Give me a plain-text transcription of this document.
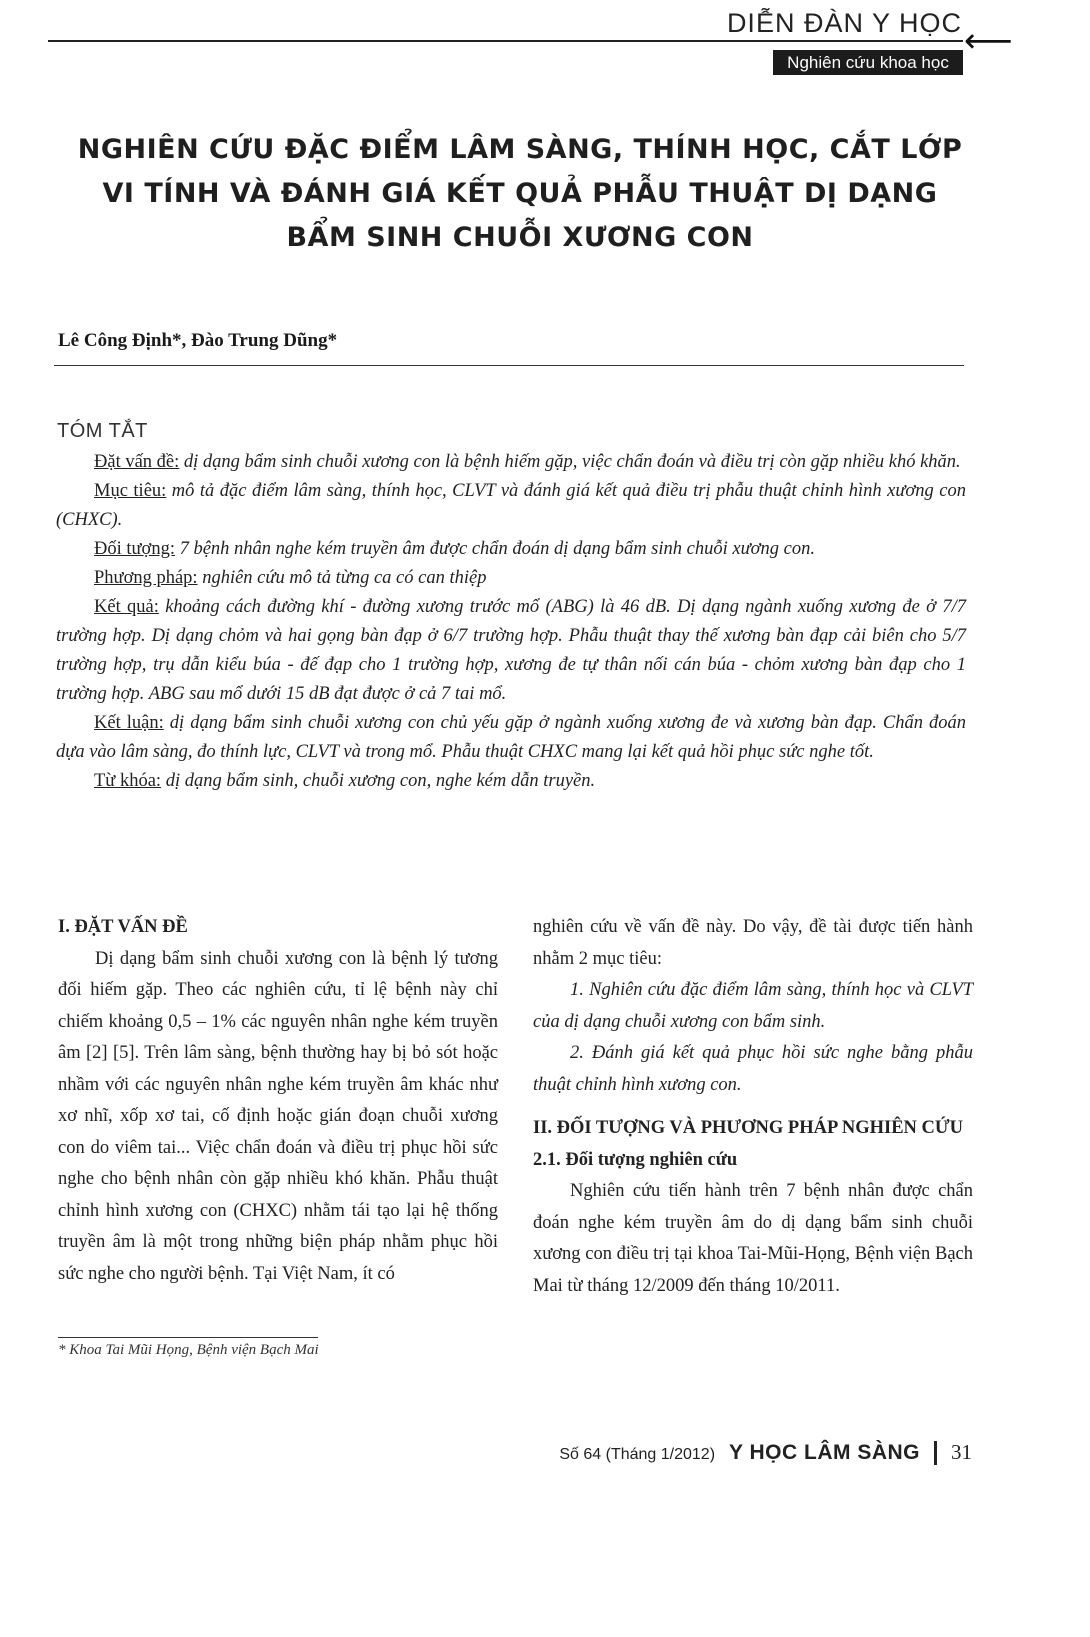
DIỄN ĐÀN Y HỌC
Nghiên cứu khoa học
⟵
NGHIÊN CỨU ĐẶC ĐIỂM LÂM SÀNG, THÍNH HỌC, CẮT LỚP
VI TÍNH VÀ ĐÁNH GIÁ KẾT QUẢ PHẪU THUẬT DỊ DẠNG
BẨM SINH CHUỖI XƯƠNG CON
Lê Công Định*, Đào Trung Dũng*
TÓM TẮT

Đặt vấn đề: dị dạng bẩm sinh chuỗi xương con là bệnh hiếm gặp, việc chẩn đoán và điều trị còn gặp nhiều khó khăn.

Mục tiêu: mô tả đặc điểm lâm sàng, thính học, CLVT và đánh giá kết quả điều trị phẫu thuật chỉnh hình xương con (CHXC).

Đối tượng: 7 bệnh nhân nghe kém truyền âm được chẩn đoán dị dạng bẩm sinh chuỗi xương con.

Phương pháp: nghiên cứu mô tả từng ca có can thiệp

Kết quả: khoảng cách đường khí - đường xương trước mổ (ABG) là 46 dB. Dị dạng ngành xuống xương đe ở 7/7 trường hợp. Dị dạng chỏm và hai gọng bàn đạp ở 6/7 trường hợp. Phẫu thuật thay thế xương bàn đạp cải biên cho 5/7 trường hợp, trụ dẫn kiểu búa - đế đạp cho 1 trường hợp, xương đe tự thân nối cán búa - chỏm xương bàn đạp cho 1 trường hợp. ABG sau mổ dưới 15 dB đạt được ở cả 7 tai mổ.

Kết luận: dị dạng bẩm sinh chuỗi xương con chủ yếu gặp ở ngành xuống xương đe và xương bàn đạp. Chẩn đoán dựa vào lâm sàng, đo thính lực, CLVT và trong mổ. Phẫu thuật CHXC mang lại kết quả hồi phục sức nghe tốt.

Từ khóa: dị dạng bẩm sinh, chuỗi xương con, nghe kém dẫn truyền.

I. ĐẶT VẤN ĐỀ

Dị dạng bẩm sinh chuỗi xương con là bệnh lý tương đối hiếm gặp. Theo các nghiên cứu, tỉ lệ bệnh này chỉ chiếm khoảng 0,5 – 1% các nguyên nhân nghe kém truyền âm [2] [5]. Trên lâm sàng, bệnh thường hay bị bỏ sót hoặc nhầm với các nguyên nhân nghe kém truyền âm khác như xơ nhĩ, xốp xơ tai, cố định hoặc gián đoạn chuỗi xương con do viêm tai... Việc chẩn đoán và điều trị phục hồi sức nghe cho bệnh nhân còn gặp nhiều khó khăn. Phẫu thuật chỉnh hình xương con (CHXC) nhằm tái tạo lại hệ thống truyền âm là một trong những biện pháp nhằm phục hồi sức nghe cho người bệnh. Tại Việt Nam, ít có

* Khoa Tai Mũi Họng, Bệnh viện Bạch Mai

nghiên cứu về vấn đề này. Do vậy, đề tài được tiến hành nhằm 2 mục tiêu:

1. Nghiên cứu đặc điểm lâm sàng, thính học và CLVT của dị dạng chuỗi xương con bẩm sinh.

2. Đánh giá kết quả phục hồi sức nghe bằng phẫu thuật chỉnh hình xương con.

II. ĐỐI TƯỢNG VÀ PHƯƠNG PHÁP NGHIÊN CỨU

2.1. Đối tượng nghiên cứu

Nghiên cứu tiến hành trên 7 bệnh nhân được chẩn đoán nghe kém truyền âm do dị dạng bẩm sinh chuỗi xương con điều trị tại khoa Tai-Mũi-Họng, Bệnh viện Bạch Mai từ tháng 12/2009 đến tháng 10/2011.

Số 64 (Tháng 1/2012) Y HỌC LÂM SÀNG 31
